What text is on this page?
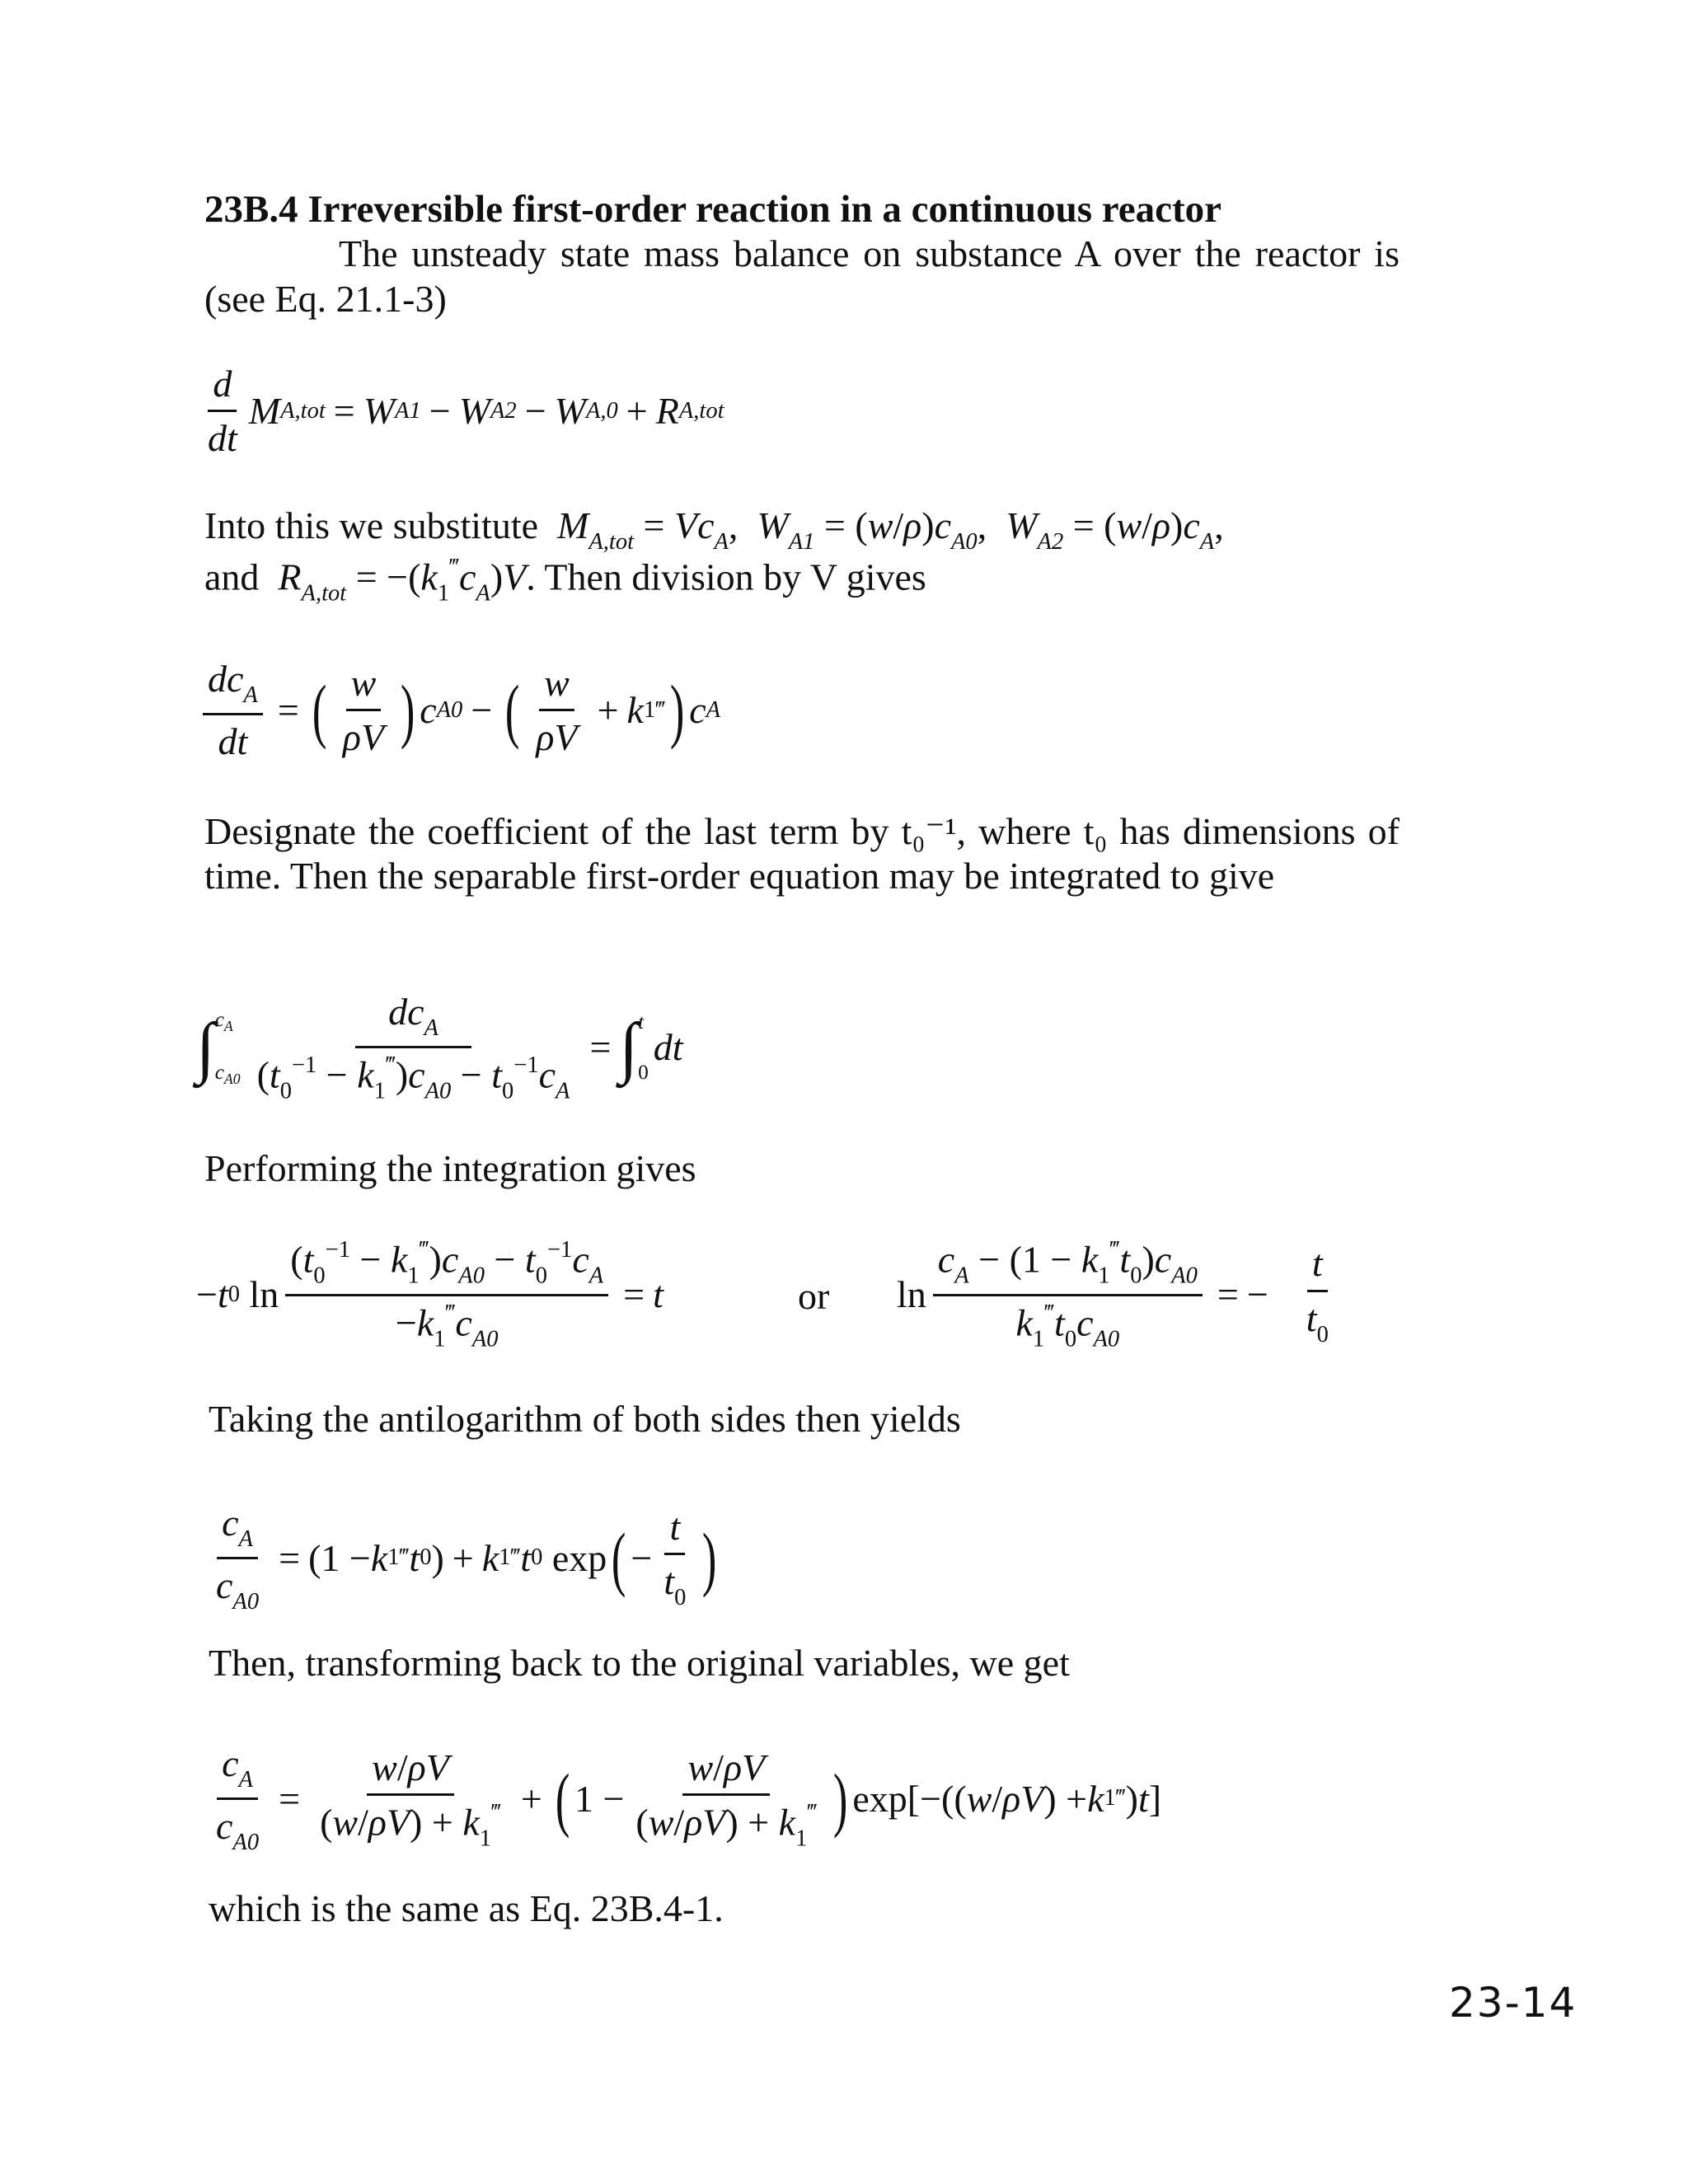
23B.4 Irreversible first-order reaction in a continuous reactor
The unsteady state mass balance on substance A over the reactor is (see Eq. 21.1-3)
$\frac{d}{dt}$ M A,tot = W A1 − W A2 − W A,0 + R A,tot
Into this we substitute $M_{A,tot} = Vc_A$,  $W_{A1} = (w/\rho)c_{A0}$,  $W_{A2} = (w/\rho)c_A$,
and $R_{A,tot} = -(k_1^‴c_A)V$. Then division by V gives
$\frac{dc_A}{dt}$ = ( $\frac{w}{\rho V}$ ) c A0 − ( $\frac{w}{\rho V} + k$ 1 ‴ ) c A
Designate the coefficient of the last term by t₀⁻¹, where t₀ has dimensions of time. Then the separable first-order equation may be integrated to give
∫ $c_A$
$c_{A0} \frac{dc_A}{(t_0^{-1} - k_1^‴)c_{A0} - t_0^{-1}c_A}$ = ∫ t
0
dt
Performing the integration gives
− t 0 $\ln \frac{(t_0^{-1} - k_1^‴)c_{A0} - t_0^{-1}c_A}{-k_1^‴c_{A0}} = t$	or $\ln \frac{c_A - (1 - k_1^‴t_0)c_{A0}}{k_1^‴t_0c_{A0}}$ = − $\frac{t}{t_0}$
Taking the antilogarithm of both sides then yields
$\frac{c_A}{c_{A0}} = (1 - k$ 1 ‴ t 0 ) + k 1 ‴ t 0 exp ( − $\frac{t}{t_0}$ )
Then, transforming back to the original variables, we get
$\frac{c_A}{c_{A0}} = \frac{w/\rho V}{(w/\rho V) + k_1^‴}$ + ( $1 - \frac{w/\rho V}{(w/\rho V) + k_1^‴}$ ) exp[−(( w / ρV ) + k 1 ‴ ) t ]
which is the same as Eq. 23B.4-1.
23-14
